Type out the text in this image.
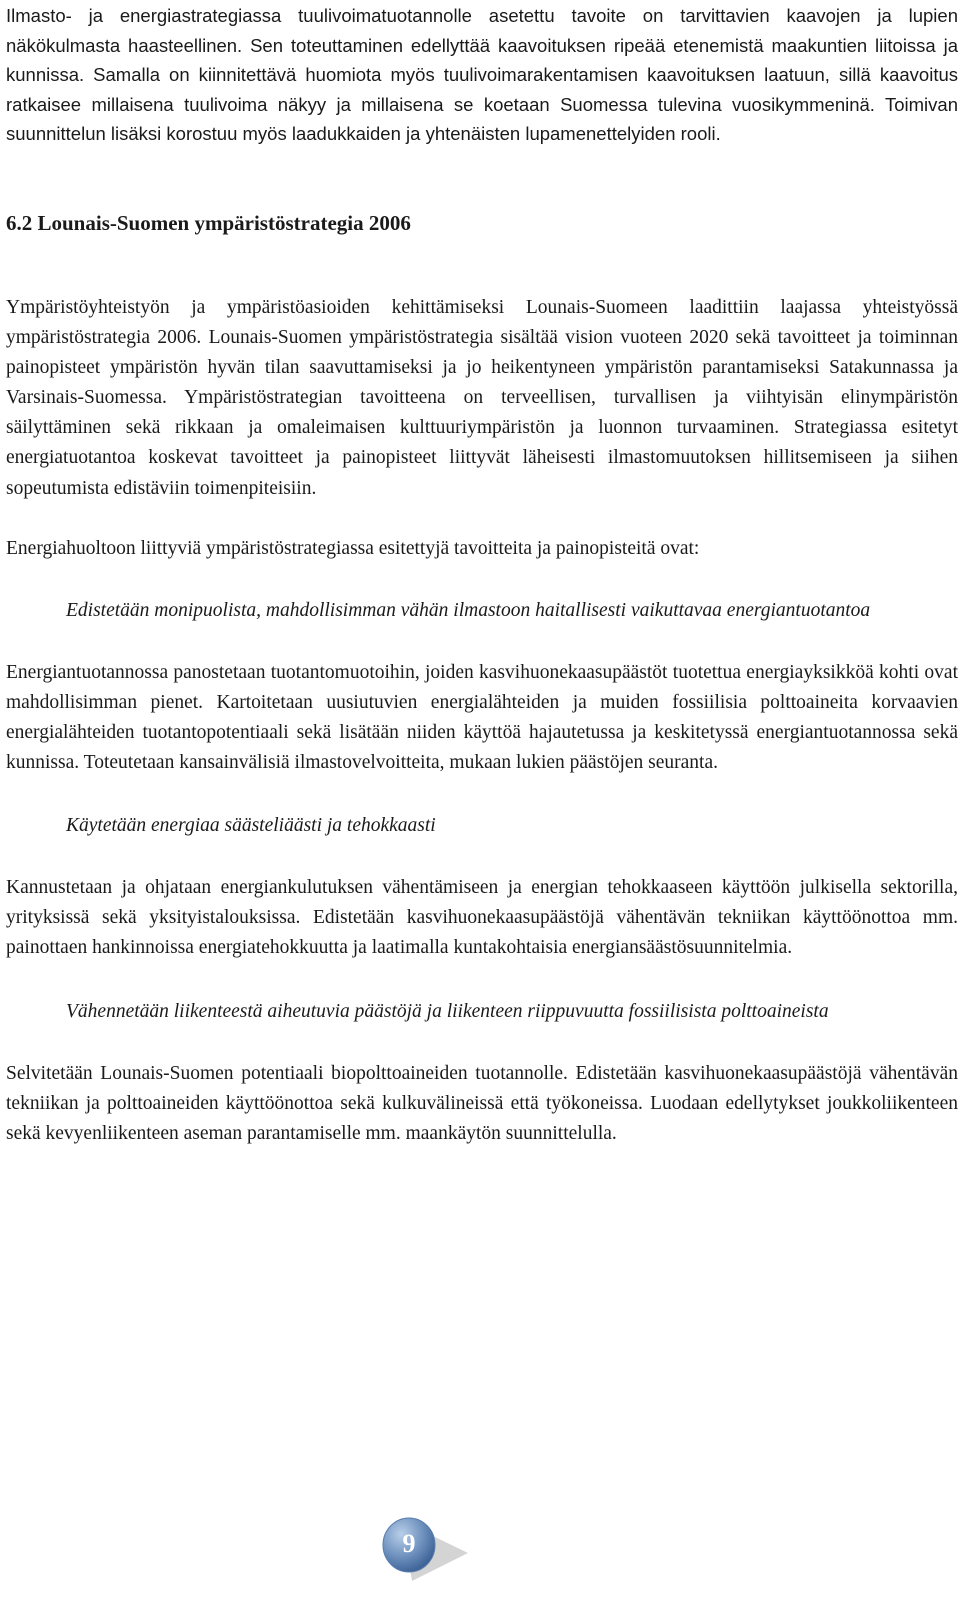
Ilmasto- ja energiastrategiassa tuulivoimatuotannolle asetettu tavoite on tarvittavien kaavojen ja lupien näkökulmasta haasteellinen. Sen toteuttaminen edellyttää kaavoituksen ripeää etenemistä maakuntien liitoissa ja kunnissa. Samalla on kiinnitettävä huomiota myös tuulivoimarakentamisen kaavoituksen laatuun, sillä kaavoitus ratkaisee millaisena tuulivoima näkyy ja millaisena se koetaan Suomessa tulevina vuosikymmeninä. Toimivan suunnittelun lisäksi korostuu myös laadukkaiden ja yhtenäisten lupamenettelyiden rooli.

6.2 Lounais-Suomen ympäristöstrategia 2006

Ympäristöyhteistyön ja ympäristöasioiden kehittämiseksi Lounais-Suomeen laadittiin laajassa yhteistyössä ympäristöstrategia 2006. Lounais-Suomen ympäristöstrategia sisältää vision vuoteen 2020 sekä tavoitteet ja toiminnan painopisteet ympäristön hyvän tilan saavuttamiseksi ja jo heikentyneen ympäristön parantamiseksi Satakunnassa ja Varsinais-Suomessa. Ympäristöstrategian tavoitteena on terveellisen, turvallisen ja viihtyisän elinympäristön säilyttäminen sekä rikkaan ja omaleimaisen kulttuuriympäristön ja luonnon turvaaminen. Strategiassa esitetyt energiatuotantoa koskevat tavoitteet ja painopisteet liittyvät läheisesti ilmastomuutoksen hillitsemiseen ja siihen sopeutumista edistäviin toimenpiteisiin.

Energiahuoltoon liittyviä ympäristöstrategiassa esitettyjä tavoitteita ja painopisteitä ovat:

Edistetään monipuolista, mahdollisimman vähän ilmastoon haitallisesti vaikuttavaa energiantuotantoa

Energiantuotannossa panostetaan tuotantomuotoihin, joiden kasvihuonekaasupäästöt tuotettua energiayksikköä kohti ovat mahdollisimman pienet. Kartoitetaan uusiutuvien energialähteiden ja muiden fossiilisia polttoaineita korvaavien energialähteiden tuotantopotentiaali sekä lisätään niiden käyttöä hajautetussa ja keskitetyssä energiantuotannossa sekä kunnissa. Toteutetaan kansainvälisiä ilmastovelvoitteita, mukaan lukien päästöjen seuranta.

Käytetään energiaa säästeliäästi ja tehokkaasti

Kannustetaan ja ohjataan energiankulutuksen vähentämiseen ja energian tehokkaaseen käyttöön julkisella sektorilla, yrityksissä sekä yksityistalouksissa. Edistetään kasvihuonekaasupäästöjä vähentävän tekniikan käyttöönottoa mm. painottaen hankinnoissa energiatehokkuutta ja laatimalla kuntakohtaisia energiansäästösuunnitelmia.

Vähennetään liikenteestä aiheutuvia päästöjä ja liikenteen riippuvuutta fossiilisista polttoaineista

Selvitetään Lounais-Suomen potentiaali biopolttoaineiden tuotannolle. Edistetään kasvihuonekaasupäästöjä vähentävän tekniikan ja polttoaineiden käyttöönottoa sekä kulkuvälineissä että työkoneissa. Luodaan edellytykset joukkoliikenteen sekä kevyenliikenteen aseman parantamiselle mm. maankäytön suunnittelulla.

9
